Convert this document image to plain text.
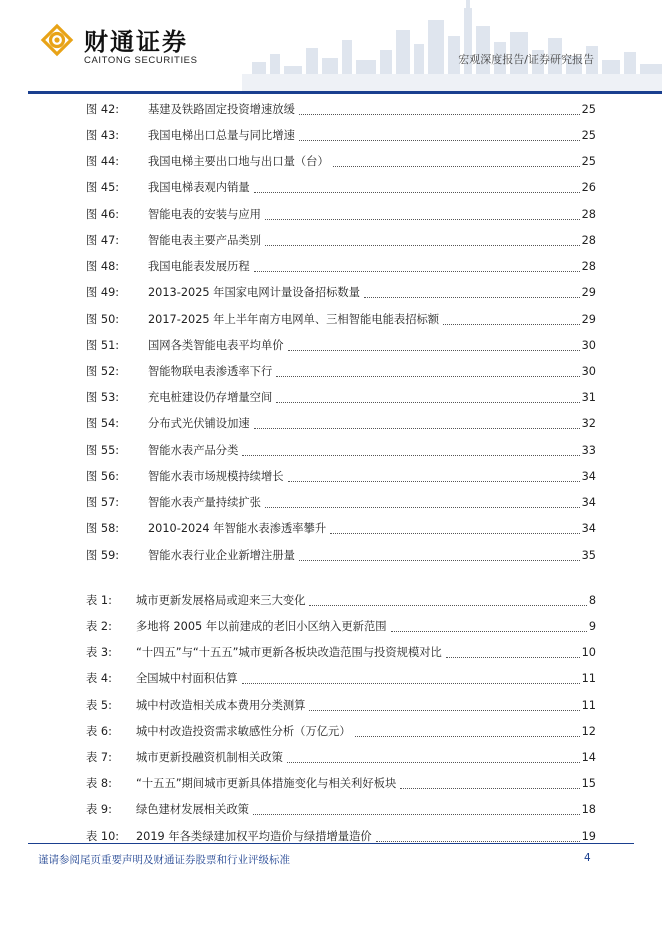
财通证券
CAITONG SECURITIES	宏观深度报告/证券研究报告
图 42:	基建及铁路固定投资增速放缓	25
图 43:	我国电梯出口总量与同比增速	25
图 44:	我国电梯主要出口地与出口量（台）	25
图 45:	我国电梯表观内销量	26
图 46:	智能电表的安装与应用	28
图 47:	智能电表主要产品类别	28
图 48:	我国电能表发展历程	28
图 49:	2013-2025 年国家电网计量设备招标数量	29
图 50:	2017-2025 年上半年南方电网单、三相智能电能表招标额	29
图 51:	国网各类智能电表平均单价	30
图 52:	智能物联电表渗透率下行	30
图 53:	充电桩建设仍存增量空间	31
图 54:	分布式光伏铺设加速	32
图 55:	智能水表产品分类	33
图 56:	智能水表市场规模持续增长	34
图 57:	智能水表产量持续扩张	34
图 58:	2010-2024 年智能水表渗透率攀升	34
图 59:	智能水表行业企业新增注册量	35
表 1:	城市更新发展格局或迎来三大变化	8
表 2:	多地将 2005 年以前建成的老旧小区纳入更新范围	9
表 3:	“十四五”与“十五五”城市更新各板块改造范围与投资规模对比	10
表 4:	全国城中村面积估算	11
表 5:	城中村改造相关成本费用分类测算	11
表 6:	城中村改造投资需求敏感性分析（万亿元）	12
表 7:	城市更新投融资机制相关政策	14
表 8:	“十五五”期间城市更新具体措施变化与相关利好板块	15
表 9:	绿色建材发展相关政策	18
表 10:	2019 年各类绿建加权平均造价与绿措增量造价	19
谨请参阅尾页重要声明及财通证券股票和行业评级标准	4
